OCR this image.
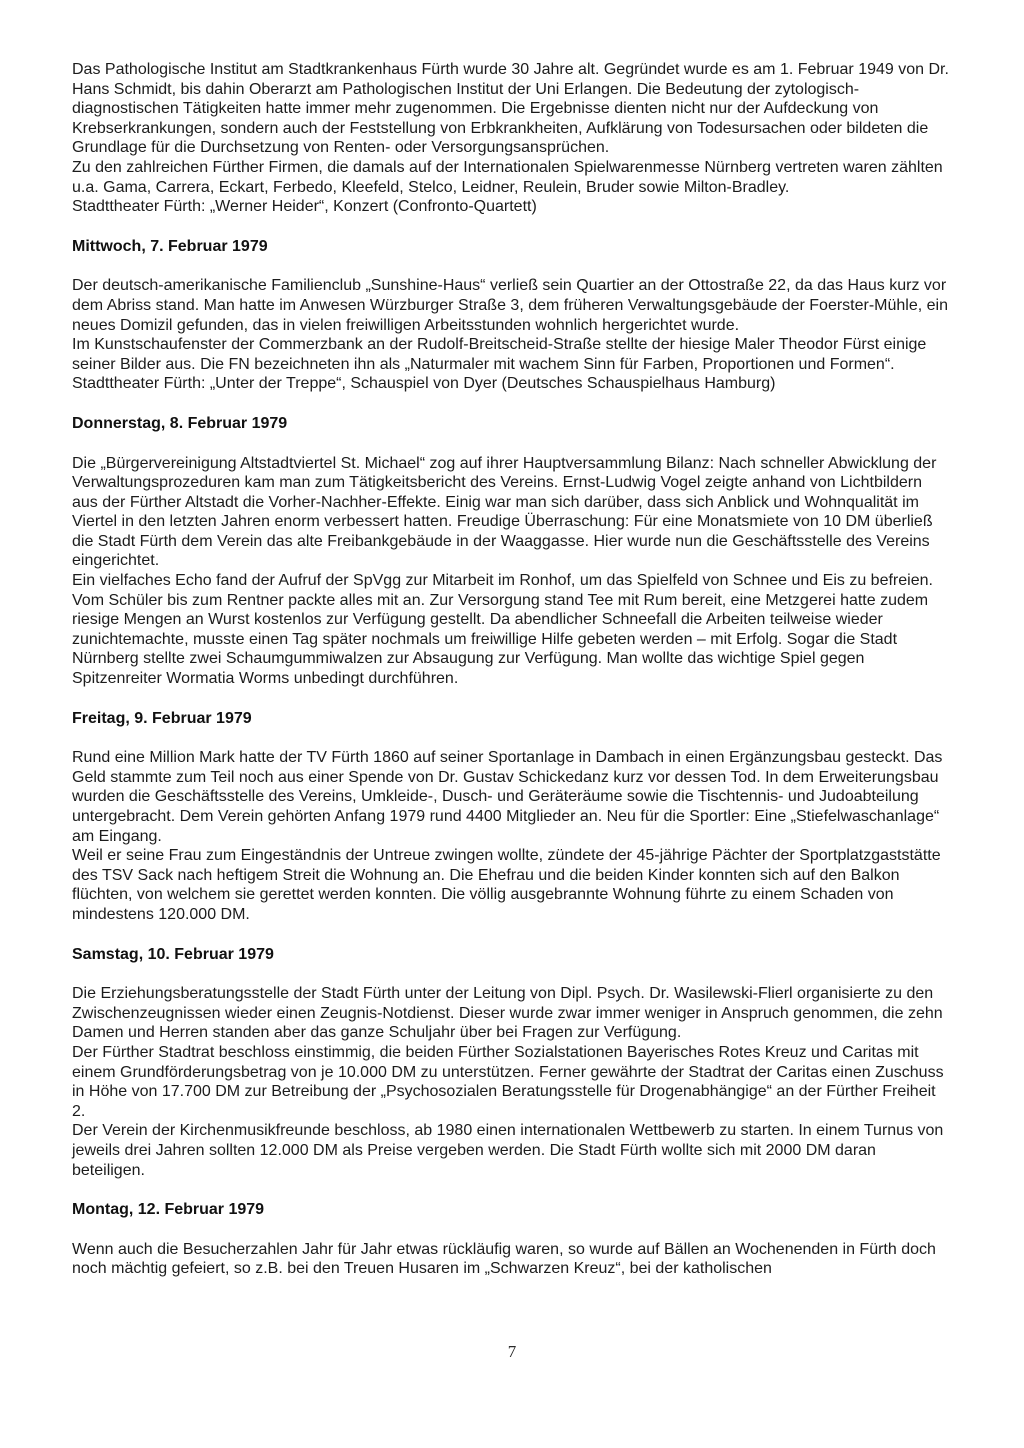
Das Pathologische Institut am Stadtkrankenhaus Fürth wurde 30 Jahre alt. Gegründet wurde es am 1. Februar 1949 von Dr. Hans Schmidt, bis dahin Oberarzt am Pathologischen Institut der Uni Erlangen. Die Bedeutung der zytologisch-diagnostischen Tätigkeiten hatte immer mehr zugenommen. Die Ergebnisse dienten nicht nur der Aufdeckung von Krebserkrankungen, sondern auch der Feststellung von Erbkrankheiten, Aufklärung von Todesursachen oder bildeten die Grundlage für die Durchsetzung von Renten- oder Versorgungsansprüchen.

Zu den zahlreichen Fürther Firmen, die damals auf der Internationalen Spielwarenmesse Nürnberg vertreten waren zählten u.a. Gama, Carrera, Eckart, Ferbedo, Kleefeld, Stelco, Leidner, Reulein, Bruder sowie Milton-Bradley.

Stadttheater Fürth: „Werner Heider“, Konzert (Confronto-Quartett)

Mittwoch, 7. Februar 1979

Der deutsch-amerikanische Familienclub „Sunshine-Haus“ verließ sein Quartier an der Ottostraße 22, da das Haus kurz vor dem Abriss stand. Man hatte im Anwesen Würzburger Straße 3, dem früheren Verwaltungsgebäude der Foerster-Mühle, ein neues Domizil gefunden, das in vielen freiwilligen Arbeitsstunden wohnlich hergerichtet wurde.

Im Kunstschaufenster der Commerzbank an der Rudolf-Breitscheid-Straße stellte der hiesige Maler Theodor Fürst einige seiner Bilder aus. Die FN bezeichneten ihn als „Naturmaler mit wachem Sinn für Farben, Proportionen und Formen“.

Stadttheater Fürth: „Unter der Treppe“, Schauspiel von Dyer (Deutsches Schauspielhaus Hamburg)

Donnerstag, 8. Februar 1979

Die „Bürgervereinigung Altstadtviertel St. Michael“ zog auf ihrer Hauptversammlung Bilanz: Nach schneller Abwicklung der Verwaltungsprozeduren kam man zum Tätigkeitsbericht des Vereins. Ernst-Ludwig Vogel zeigte anhand von Lichtbildern aus der Fürther Altstadt die Vorher-Nachher-Effekte. Einig war man sich darüber, dass sich Anblick und Wohnqualität im Viertel in den letzten Jahren enorm verbessert hatten. Freudige Überraschung: Für eine Monatsmiete von 10 DM überließ die Stadt Fürth dem Verein das alte Freibankgebäude in der Waaggasse. Hier wurde nun die Geschäftsstelle des Vereins eingerichtet.

Ein vielfaches Echo fand der Aufruf der SpVgg zur Mitarbeit im Ronhof, um das Spielfeld von Schnee und Eis zu befreien. Vom Schüler bis zum Rentner packte alles mit an. Zur Versorgung stand Tee mit Rum bereit, eine Metzgerei hatte zudem riesige Mengen an Wurst kostenlos zur Verfügung gestellt. Da abendlicher Schneefall die Arbeiten teilweise wieder zunichtemachte, musste einen Tag später nochmals um freiwillige Hilfe gebeten werden – mit Erfolg. Sogar die Stadt Nürnberg stellte zwei Schaumgummiwalzen zur Absaugung zur Verfügung. Man wollte das wichtige Spiel gegen Spitzenreiter Wormatia Worms unbedingt durchführen.

Freitag, 9. Februar 1979

Rund eine Million Mark hatte der TV Fürth 1860 auf seiner Sportanlage in Dambach in einen Ergänzungsbau gesteckt. Das Geld stammte zum Teil noch aus einer Spende von Dr. Gustav Schickedanz kurz vor dessen Tod. In dem Erweiterungsbau wurden die Geschäftsstelle des Vereins, Umkleide-, Dusch- und Geräteräume sowie die Tischtennis- und Judoabteilung untergebracht. Dem Verein gehörten Anfang 1979 rund 4400 Mitglieder an. Neu für die Sportler: Eine „Stiefelwaschanlage“ am Eingang.

Weil er seine Frau zum Eingeständnis der Untreue zwingen wollte, zündete der 45-jährige Pächter der Sportplatzgaststätte des TSV Sack nach heftigem Streit die Wohnung an. Die Ehefrau und die beiden Kinder konnten sich auf den Balkon flüchten, von welchem sie gerettet werden konnten. Die völlig ausgebrannte Wohnung führte zu einem Schaden von mindestens 120.000 DM.

Samstag, 10. Februar 1979

Die Erziehungsberatungsstelle der Stadt Fürth unter der Leitung von Dipl. Psych. Dr. Wasilewski-Flierl organisierte zu den Zwischenzeugnissen wieder einen Zeugnis-Notdienst. Dieser wurde zwar immer weniger in Anspruch genommen, die zehn Damen und Herren standen aber das ganze Schuljahr über bei Fragen zur Verfügung.

Der Fürther Stadtrat beschloss einstimmig, die beiden Fürther Sozialstationen Bayerisches Rotes Kreuz und Caritas mit einem Grundförderungsbetrag von je 10.000 DM zu unterstützen. Ferner gewährte der Stadtrat der Caritas einen Zuschuss in Höhe von 17.700 DM zur Betreibung der „Psychosozialen Beratungsstelle für Drogenabhängige“ an der Fürther Freiheit 2.

Der Verein der Kirchenmusikfreunde beschloss, ab 1980 einen internationalen Wettbewerb zu starten. In einem Turnus von jeweils drei Jahren sollten 12.000 DM als Preise vergeben werden. Die Stadt Fürth wollte sich mit 2000 DM daran beteiligen.

Montag, 12. Februar 1979

Wenn auch die Besucherzahlen Jahr für Jahr etwas rückläufig waren, so wurde auf Bällen an Wochenenden in Fürth doch noch mächtig gefeiert, so z.B. bei den Treuen Husaren im „Schwarzen Kreuz“, bei der katholischen

7
